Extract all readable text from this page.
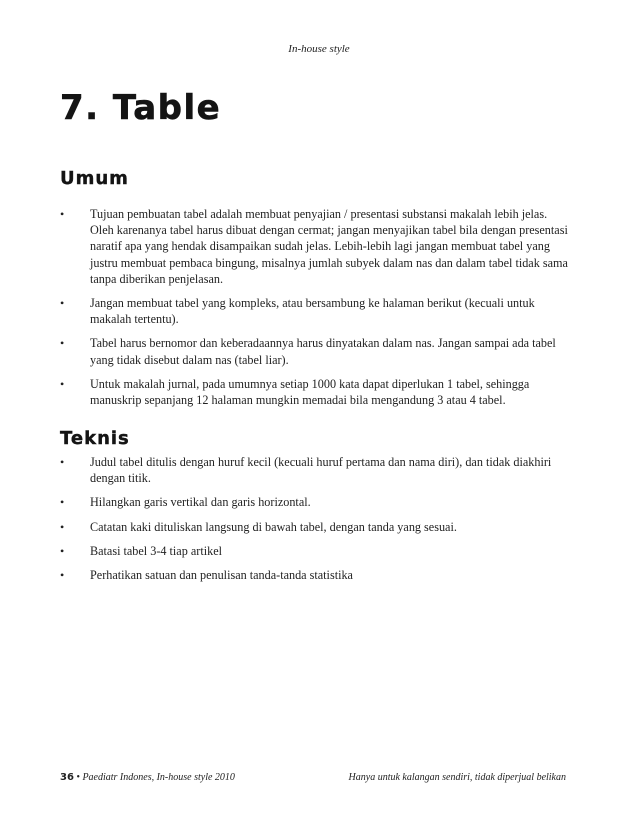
In-house style
7. Table
Umum
•	Tujuan pembuatan tabel adalah membuat penyajian / presentasi substansi makalah lebih jelas. Oleh karenanya tabel harus dibuat dengan cermat; jangan menyajikan tabel bila dengan presentasi naratif apa yang hendak disampaikan sudah jelas. Lebih-lebih lagi jangan membuat tabel yang justru membuat pembaca bingung, misalnya jumlah subyek dalam nas dan dalam tabel tidak sama tanpa diberikan penjelasan.
•	Jangan membuat tabel yang kompleks, atau bersambung ke halaman berikut (kecuali untuk makalah tertentu).
•	Tabel harus bernomor dan keberadaannya harus dinyatakan dalam nas. Jangan sampai ada tabel yang tidak disebut dalam nas (tabel liar).
•	Untuk makalah jurnal, pada umumnya setiap 1000 kata dapat diperlukan 1 tabel, sehingga manuskrip sepanjang 12 halaman mungkin memadai bila mengandung 3 atau 4 tabel.
Teknis
•	Judul tabel ditulis dengan huruf kecil (kecuali huruf pertama dan nama diri), dan tidak diakhiri dengan titik.
•	Hilangkan garis vertikal dan garis horizontal.
•	Catatan kaki dituliskan langsung di bawah tabel, dengan tanda yang sesuai.
•	Batasi tabel 3-4 tiap artikel
•	Perhatikan satuan dan penulisan tanda-tanda statistika
36 • Paediatr Indones, In-house style 2010	Hanya untuk kalangan sendiri, tidak diperjual belikan
